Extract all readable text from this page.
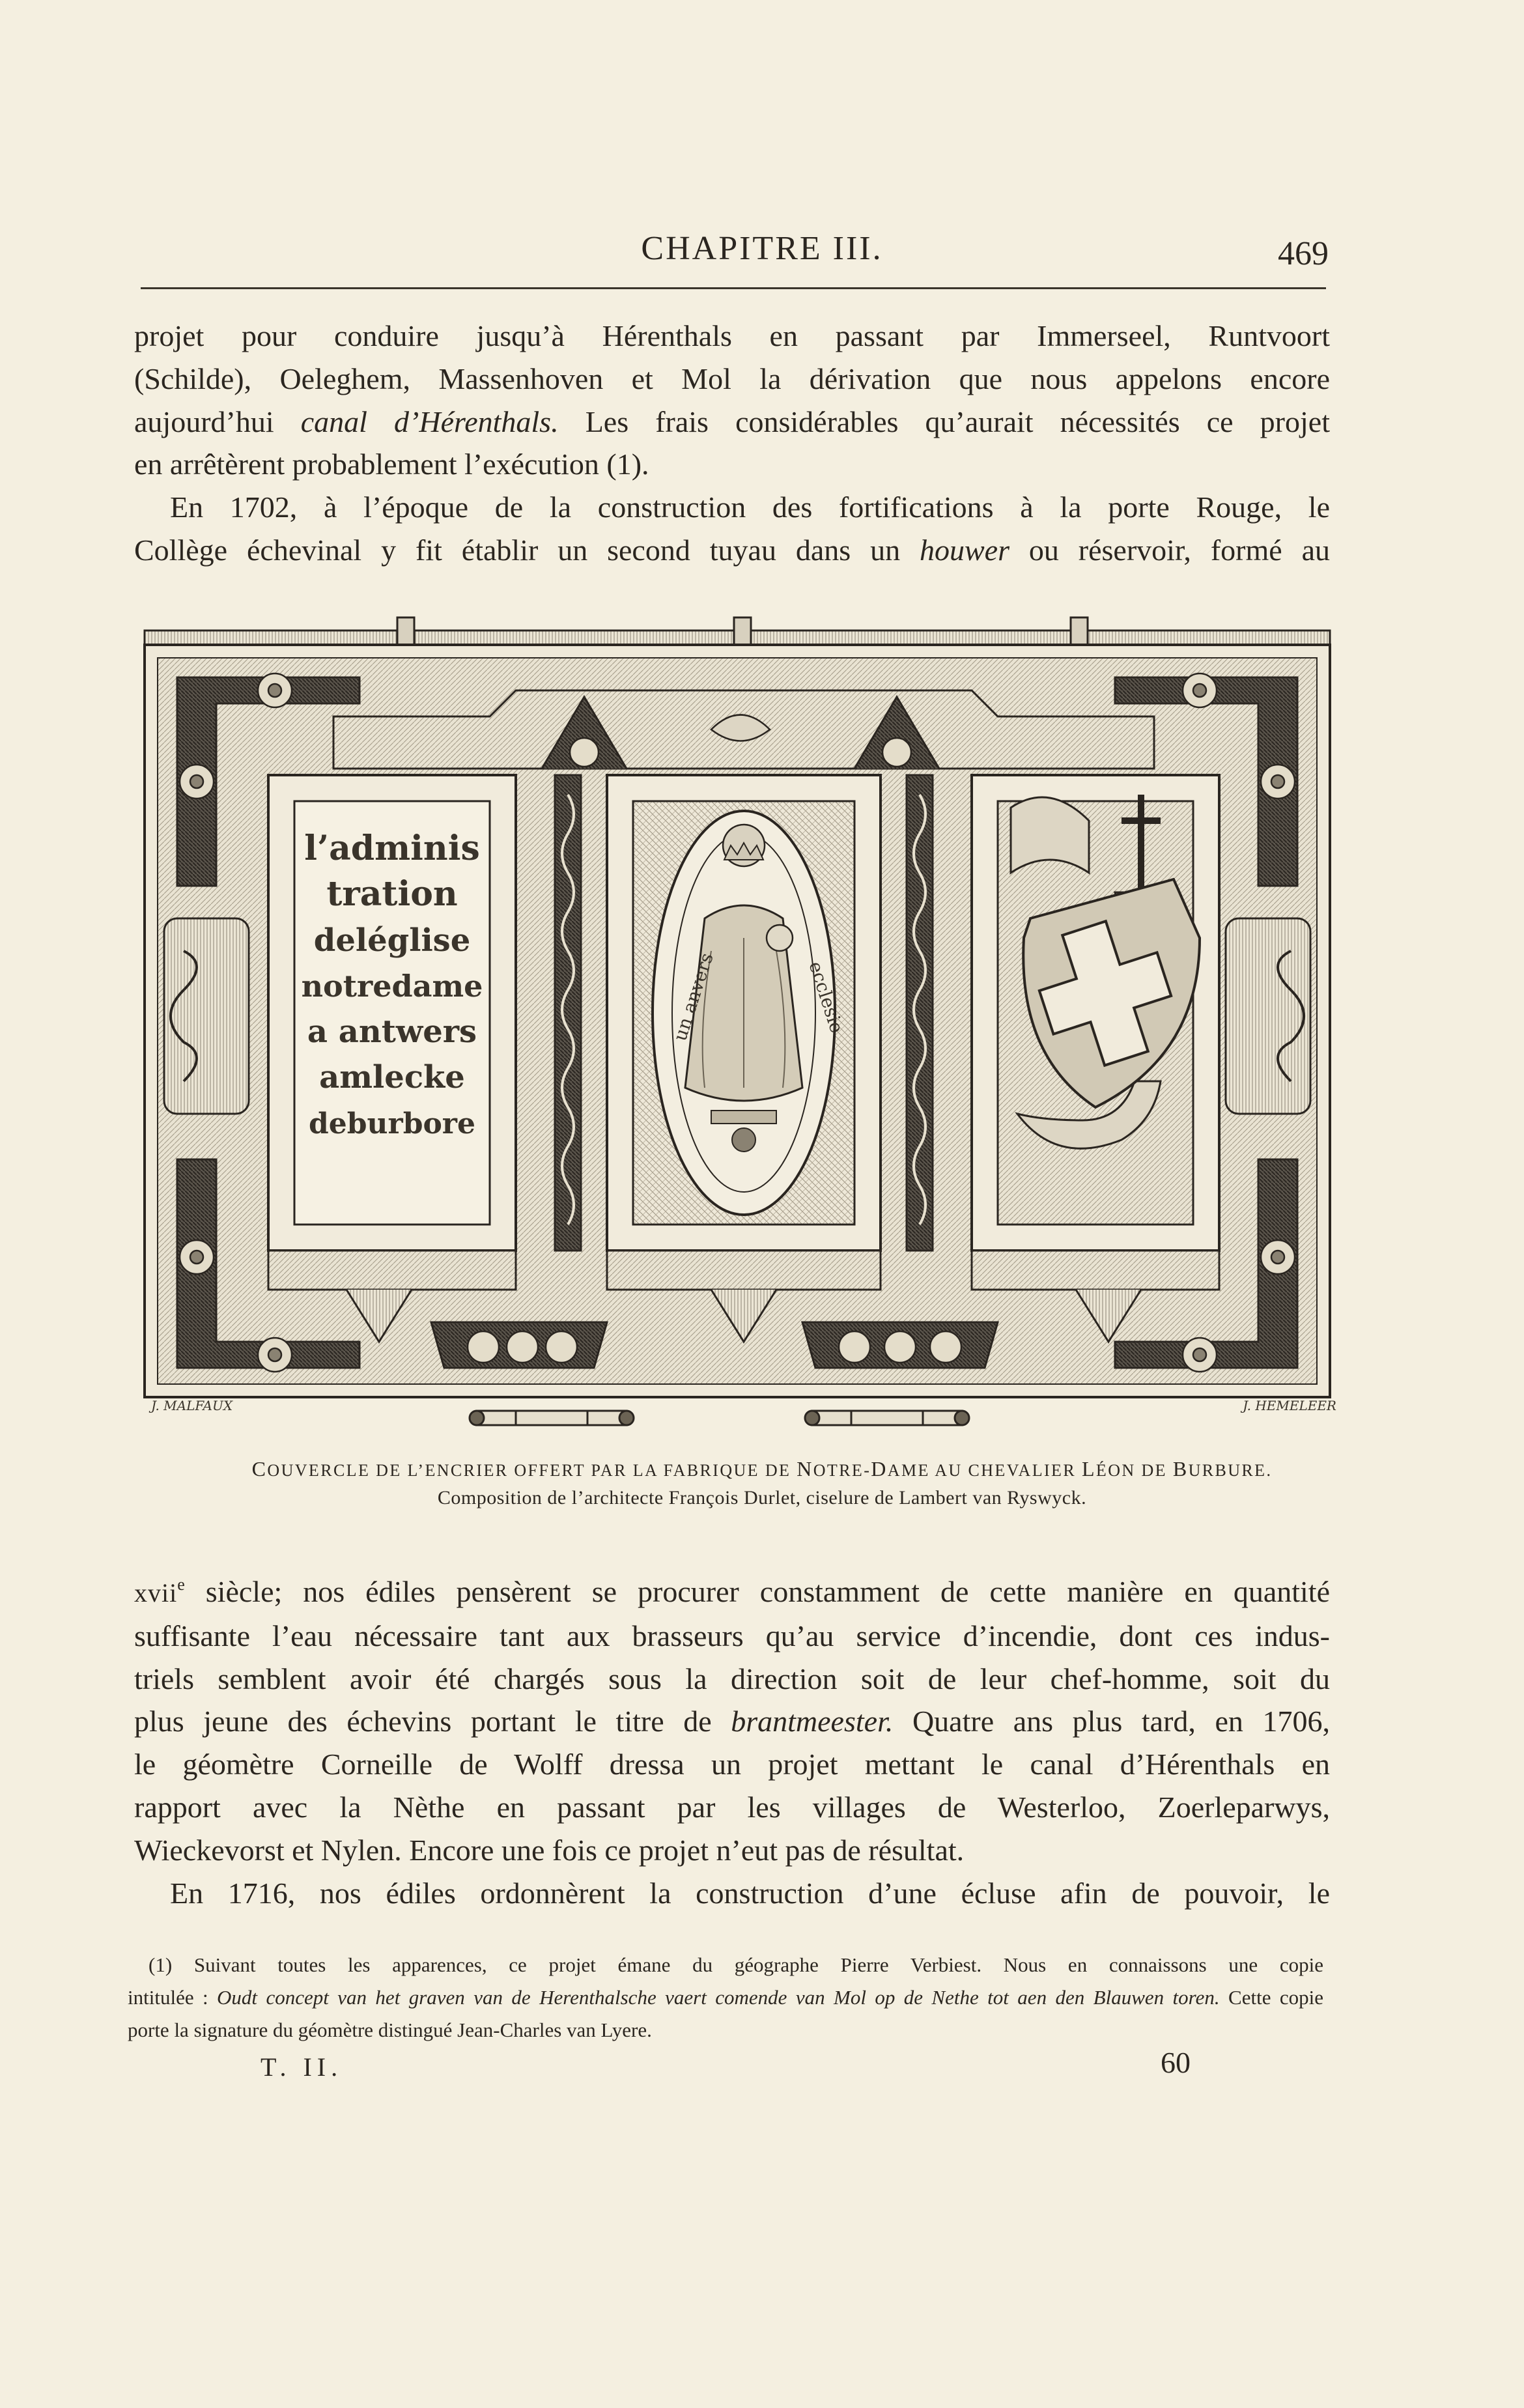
CHAPITRE III.	469

projet pour conduire jusqu’à Hérenthals en passant par Immerseel, Runtvoort

(Schilde), Oeleghem, Massenhoven et Mol la dérivation que nous appelons encore

aujourd’hui canal d’Hérenthals. Les frais considérables qu’aurait nécessités ce projet

en arrêtèrent probablement l’exécution (1).

En 1702, à l’époque de la construction des fortifications à la porte Rouge, le

Collège échevinal y fit établir un second tuyau dans un houwer ou réservoir, formé au

l’adminis
tration
deléglise
notredame
a antwers
amlecke
deburbore
un anvers	ecclesie
J. MALFAUX	J. HEMELEER
COUVERCLE DE L’ENCRIER OFFERT PAR LA FABRIQUE DE NOTRE-DAME AU CHEVALIER LÉON DE BURBURE.
Composition de l’architecte François Durlet, ciselure de Lambert van Ryswyck.

xvii$^e$ siècle; nos édiles pensèrent se procurer constamment de cette manière en quantité

suffisante l’eau nécessaire tant aux brasseurs qu’au service d’incendie, dont ces indus-

triels semblent avoir été chargés sous la direction soit de leur chef-homme, soit du

plus jeune des échevins portant le titre de brantmeester. Quatre ans plus tard, en 1706,

le géomètre Corneille de Wolff dressa un projet mettant le canal d’Hérenthals en

rapport avec la Nèthe en passant par les villages de Westerloo, Zoerleparwys,

Wieckevorst et Nylen. Encore une fois ce projet n’eut pas de résultat.

En 1716, nos édiles ordonnèrent la construction d’une écluse afin de pouvoir, le

(1) Suivant toutes les apparences, ce projet émane du géographe Pierre Verbiest. Nous en connaissons une copie

intitulée : Oudt concept van het graven van de Herenthalsche vaert comende van Mol op de Nethe tot aen den Blauwen toren. Cette copie

porte la signature du géomètre distingué Jean-Charles van Lyere.

T. II.	60
